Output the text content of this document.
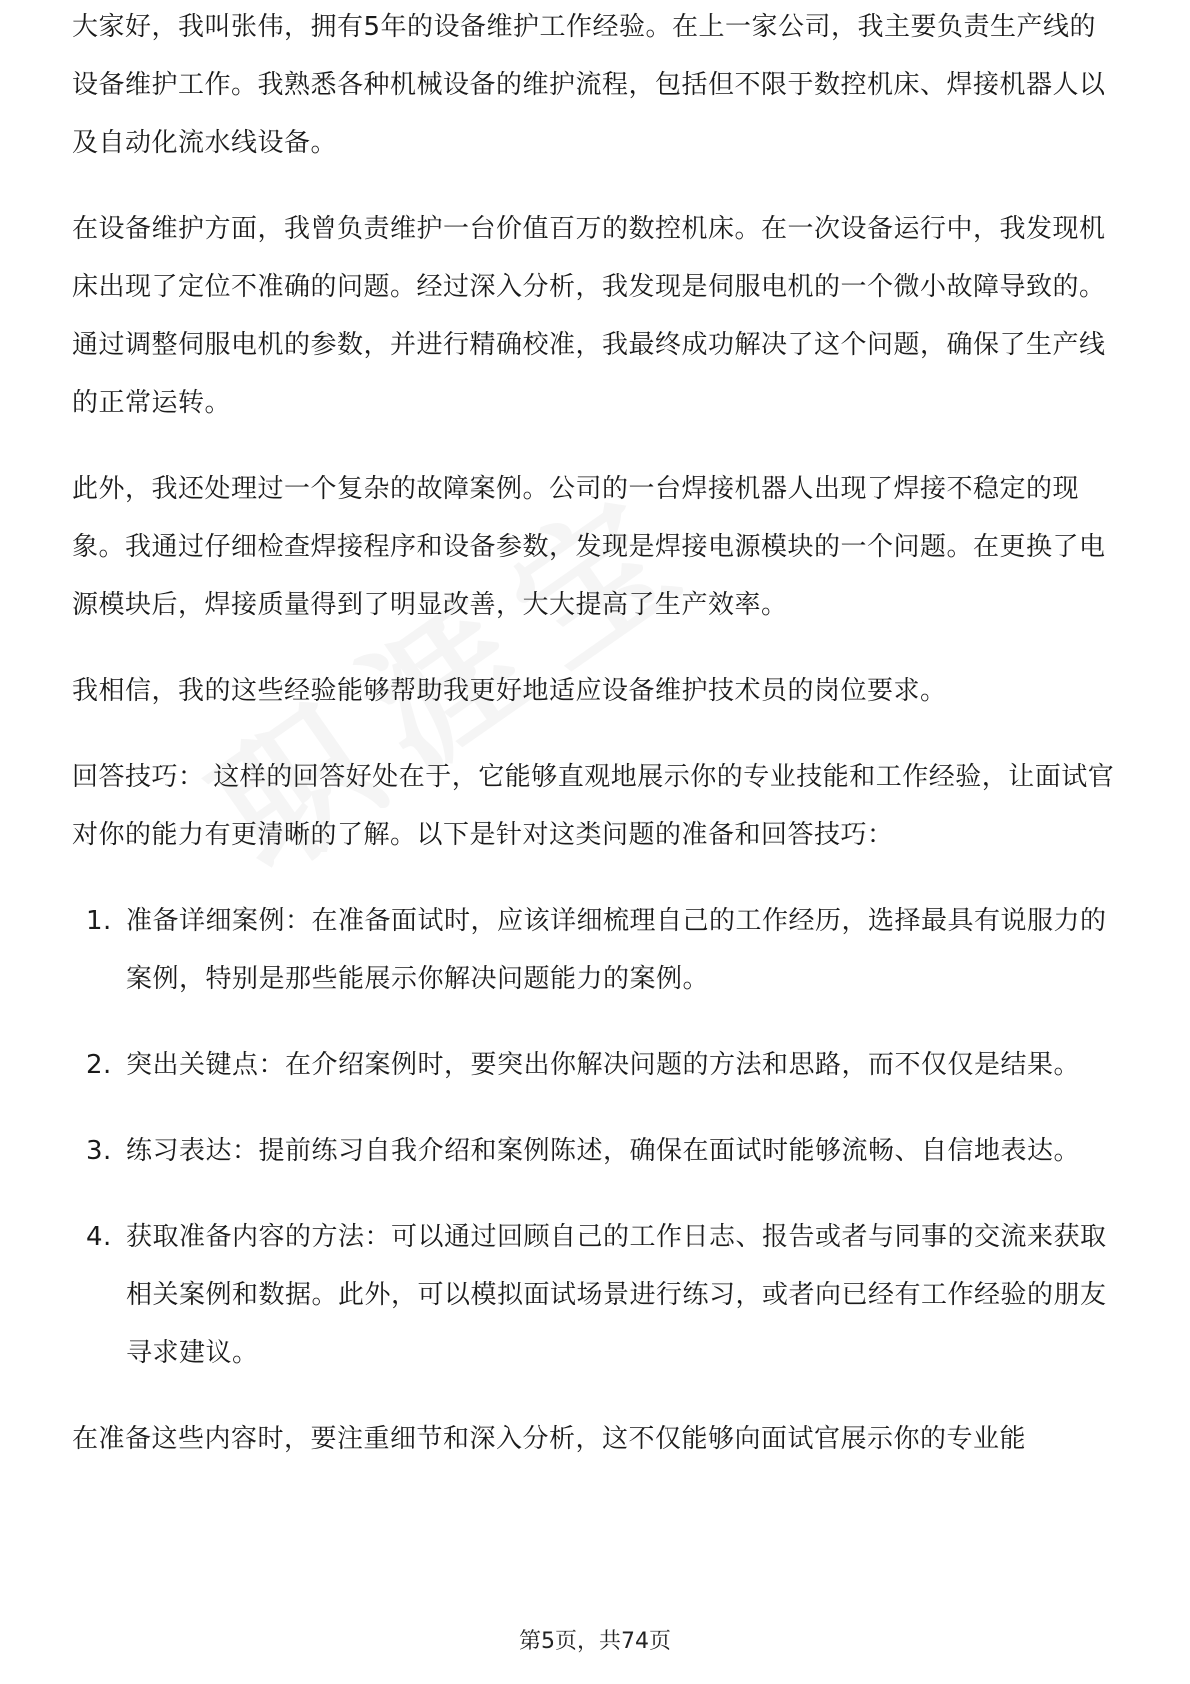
大家好，我叫张伟，拥有5年的设备维护工作经验。在上一家公司，我主要负责生产线的设备维护工作。我熟悉各种机械设备的维护流程，包括但不限于数控机床、焊接机器人以及自动化流水线设备。

在设备维护方面，我曾负责维护一台价值百万的数控机床。在一次设备运行中，我发现机床出现了定位不准确的问题。经过深入分析，我发现是伺服电机的一个微小故障导致的。通过调整伺服电机的参数，并进行精确校准，我最终成功解决了这个问题，确保了生产线的正常运转。

此外，我还处理过一个复杂的故障案例。公司的一台焊接机器人出现了焊接不稳定的现象。我通过仔细检查焊接程序和设备参数，发现是焊接电源模块的一个问题。在更换了电源模块后，焊接质量得到了明显改善，大大提高了生产效率。

我相信，我的这些经验能够帮助我更好地适应设备维护技术员的岗位要求。

回答技巧： 这样的回答好处在于，它能够直观地展示你的专业技能和工作经验，让面试官对你的能力有更清晰的了解。以下是针对这类问题的准备和回答技巧：

1. 准备详细案例：在准备面试时，应该详细梳理自己的工作经历，选择最具有说服力的案例，特别是那些能展示你解决问题能力的案例。
2. 突出关键点：在介绍案例时，要突出你解决问题的方法和思路，而不仅仅是结果。
3. 练习表达：提前练习自我介绍和案例陈述，确保在面试时能够流畅、自信地表达。
4. 获取准备内容的方法：可以通过回顾自己的工作日志、报告或者与同事的交流来获取相关案例和数据。此外，可以模拟面试场景进行练习，或者向已经有工作经验的朋友寻求建议。

在准备这些内容时，要注重细节和深入分析，这不仅能够向面试官展示你的专业能

第5页，共74页
